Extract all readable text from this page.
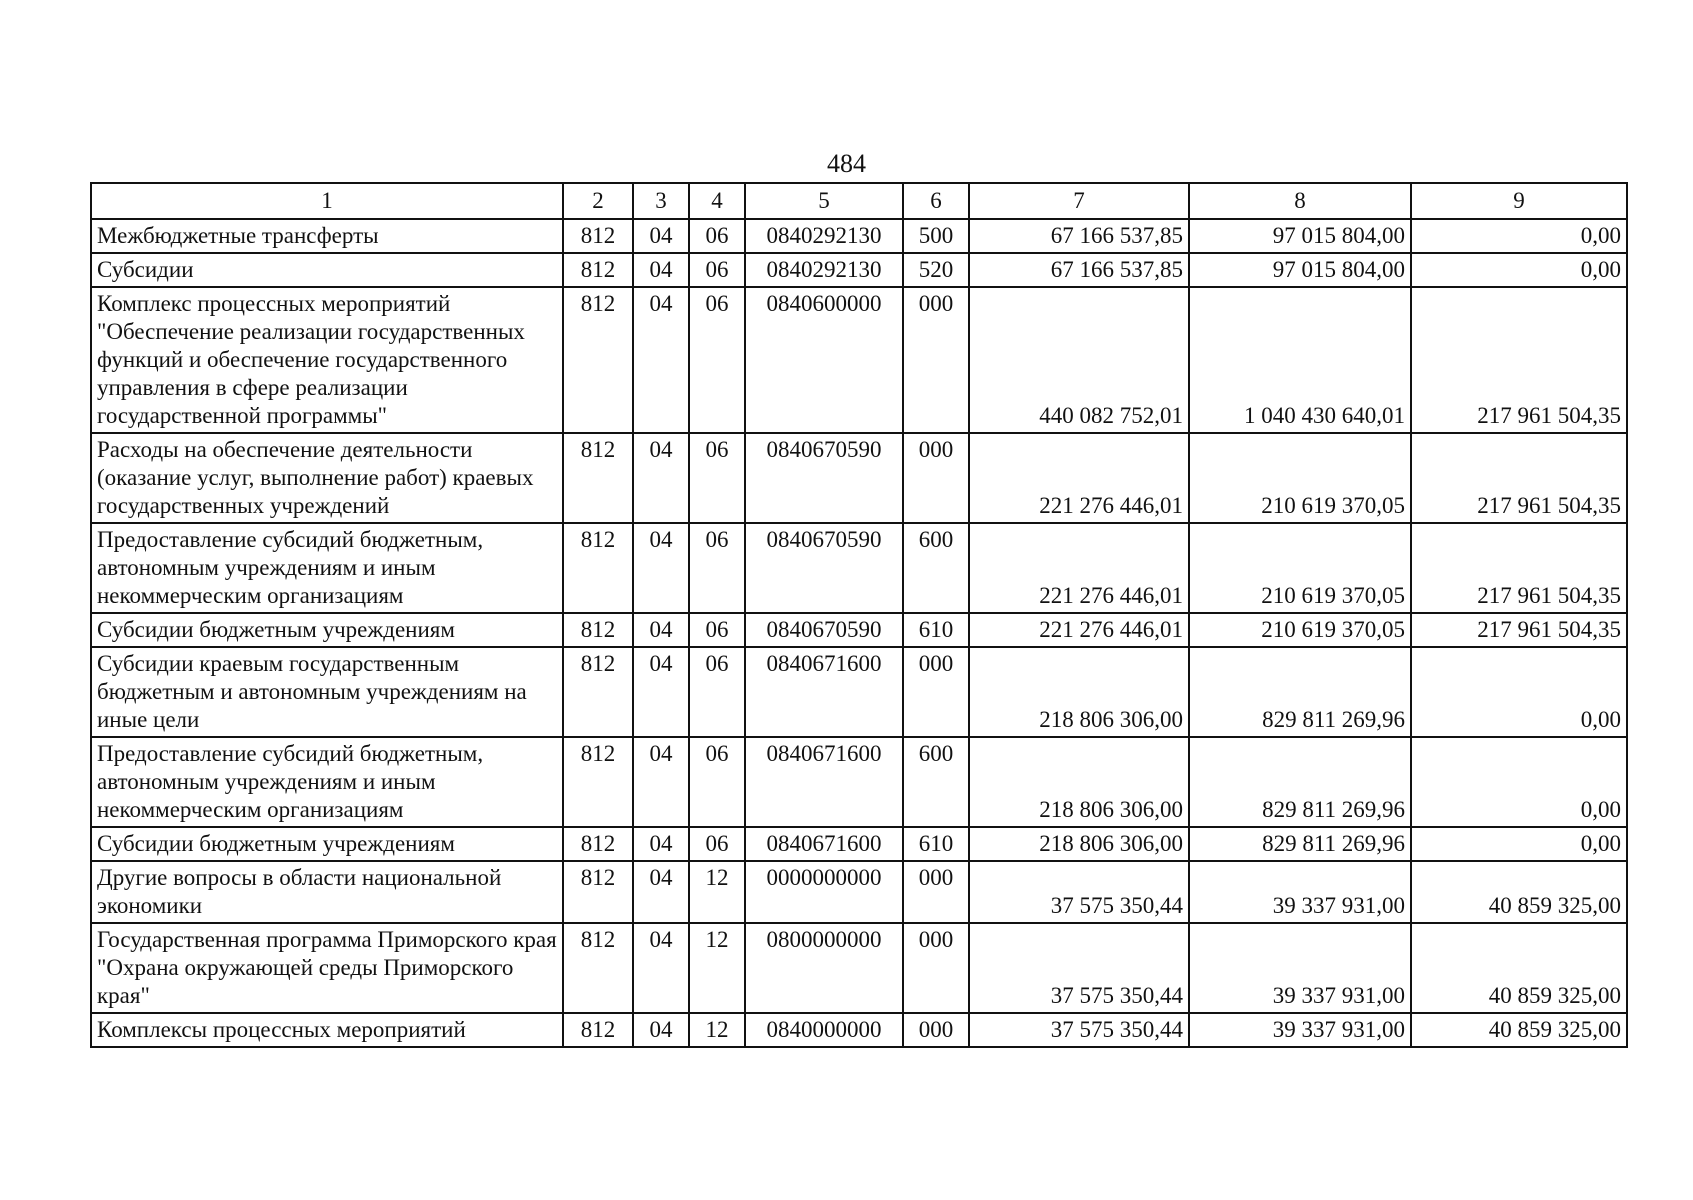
484
1	2	3	4	5	6	7	8	9
Межбюджетные трансферты	812	04	06	0840292130	500	67 166 537,85	97 015 804,00	0,00
Субсидии	812	04	06	0840292130	520	67 166 537,85	97 015 804,00	0,00
Комплекс процессных мероприятий "Обеспечение реализации государственных функций и обеспечение государственного управления в сфере реализации государственной программы"	812	04	06	0840600000	000	440 082 752,01	1 040 430 640,01	217 961 504,35
Расходы на обеспечение деятельности (оказание услуг, выполнение работ) краевых государственных учреждений	812	04	06	0840670590	000	221 276 446,01	210 619 370,05	217 961 504,35
Предоставление субсидий бюджетным, автономным учреждениям и иным некоммерческим организациям	812	04	06	0840670590	600	221 276 446,01	210 619 370,05	217 961 504,35
Субсидии бюджетным учреждениям	812	04	06	0840670590	610	221 276 446,01	210 619 370,05	217 961 504,35
Субсидии краевым государственным бюджетным и автономным учреждениям на иные цели	812	04	06	0840671600	000	218 806 306,00	829 811 269,96	0,00
Предоставление субсидий бюджетным, автономным учреждениям и иным некоммерческим организациям	812	04	06	0840671600	600	218 806 306,00	829 811 269,96	0,00
Субсидии бюджетным учреждениям	812	04	06	0840671600	610	218 806 306,00	829 811 269,96	0,00
Другие вопросы в области национальной экономики	812	04	12	0000000000	000	37 575 350,44	39 337 931,00	40 859 325,00
Государственная программа Приморского края "Охрана окружающей среды Приморского края"	812	04	12	0800000000	000	37 575 350,44	39 337 931,00	40 859 325,00
Комплексы процессных мероприятий	812	04	12	0840000000	000	37 575 350,44	39 337 931,00	40 859 325,00
